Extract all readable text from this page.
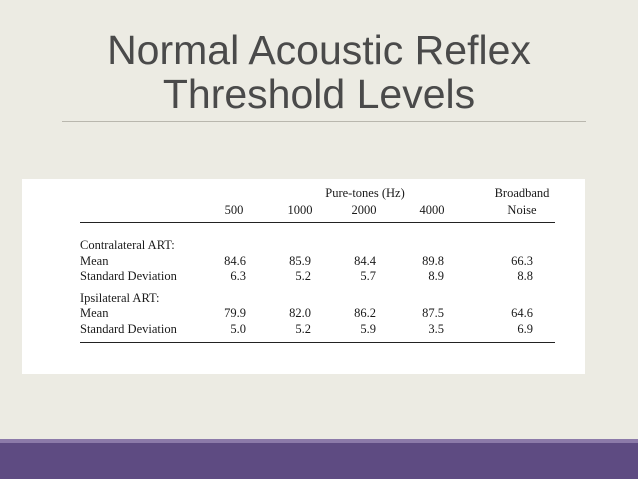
Normal Acoustic Reflex
Threshold Levels
Pure-tones (Hz)	Broadband
500	1000	2000	4000	Noise
Contralateral ART:
Mean	84.6	85.9	84.4	89.8	66.3
Standard Deviation	6.3	5.2	5.7	8.9	8.8
Ipsilateral ART:
Mean	79.9	82.0	86.2	87.5	64.6
Standard Deviation	5.0	5.2	5.9	3.5	6.9
